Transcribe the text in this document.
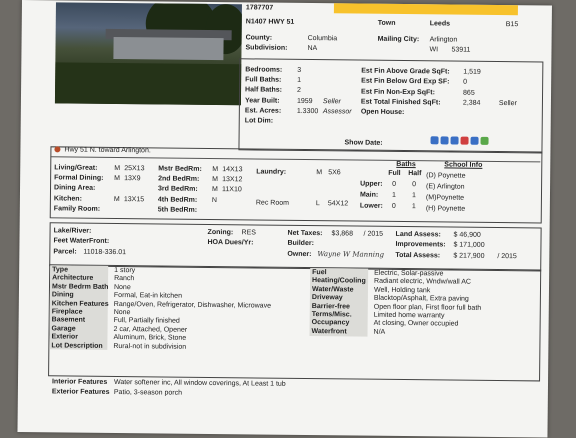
1787707
N1407 HWY 51	Town	Leeds	B15
County:	Columbia	Mailing City: Arlington
Subdivision:	NA	WI 53911
Bedrooms: 3
Full Baths: 1
Half Baths: 2
Year Built: 1959 Seller
Est. Acres: 1.3300 Assessor
Lot Dim:
Est Fin Above Grade SqFt: 1,519
Est Fin Below Grd Exp SF: 0
Est Fin Non-Exp SqFt:	865
Est Total Finished SqFt:	2,384	Seller
Open House:
Show Date:
Hwy 51 N. toward Arlington.
Living/Great: M 25X13
Formal Dining: M 13X9
Dining Area:
Kitchen:	M 13X15
Family Room:
Mstr BedRm: M 14X13
2nd BedRm: M 13X12
3rd BedRm: M 11X10
4th BedRm: N
5th BedRm:
Laundry:	M 5X6
Rec Room	L 54X12
Baths
Full Half
Upper: 0 0
Main: 1 1
Lower: 0 1
School Info
(D) Poynette
(E) Arlington
(M)Poynette
(H) Poynette
Lake/River:
Feet WaterFront:
Parcel: 11018-336.01
Zoning: RES
HOA Dues/Yr:
Net Taxes: $3,868 / 2015
Builder:
Owner: Wayne W Manning
Land Assess: $ 46,900
Improvements: $ 171,000
Total Assess: $ 217,900 / 2015
Type	1 story
Architecture	Ranch
Mstr Bedrm Bath None
Dining	Formal, Eat-in kitchen
Kitchen Features Range/Oven, Refrigerator, Dishwasher, Microwave
Fireplace	None
Basement	Full, Partially finished
Garage	2 car, Attached, Opener
Exterior	Aluminum, Brick, Stone
Lot Description Rural-not in subdivision
Fuel	Electric, Solar-passive
Heating/Cooling Radiant electric, Wndw/wall AC
Water/Waste	Well, Holding tank
Driveway	Blacktop/Asphalt, Extra paving
Barrier-free	Open floor plan, First floor full bath
Terms/Misc.	Limited home warranty
Occupancy	At closing, Owner occupied
Waterfront	N/A
Interior Features Water softener inc, All window coverings, At Least 1 tub
Exterior Features Patio, 3-season porch
